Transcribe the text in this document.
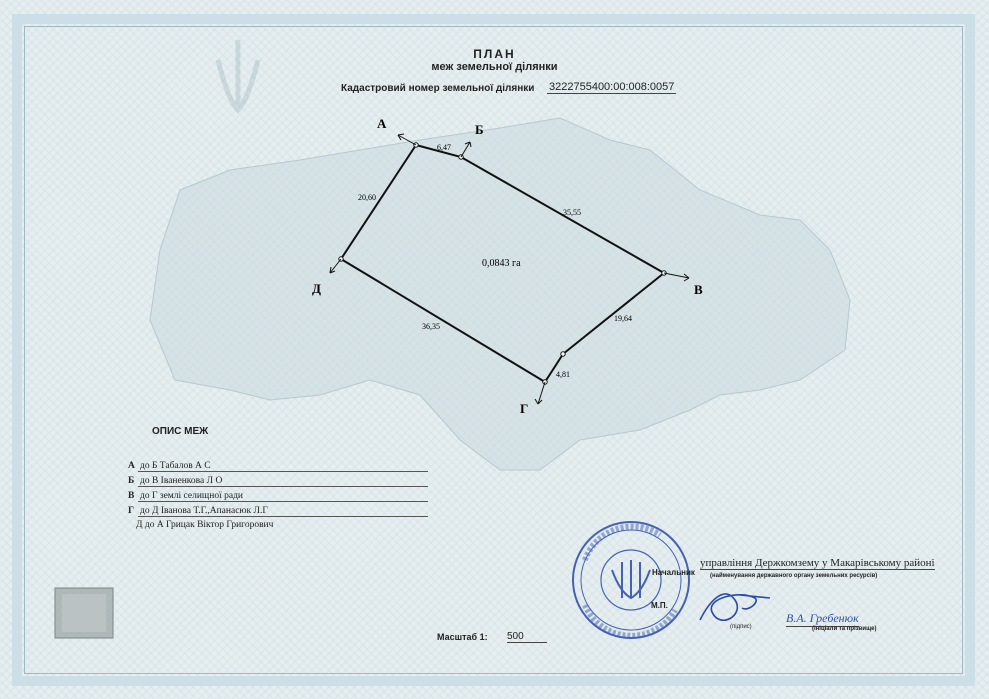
А	Б
В
Г
Д
6,47
35,55
19,64
4,81
36,35
20,60
0,0843 га
ПЛАН
меж земельної ділянки
Кадастровий номер земельної ділянки 3222755400:00:008:0057
ОПИС МЕЖ
А до Б Табалов А С
Б до В Іваненкова Л О
В до Г землі селищної ради
Г до Д Іванова Т.Г.,Апанасюк Л.Г
Д до А Грицак Віктор Григорович
Масштаб 1: 500
Начальник
управління Держкомзему у Макарівському районі
(найменування державного органу земельних ресурсів)
М.П.
(підпис)
В.А. Гребенюк
(ініціали та прізвище)
